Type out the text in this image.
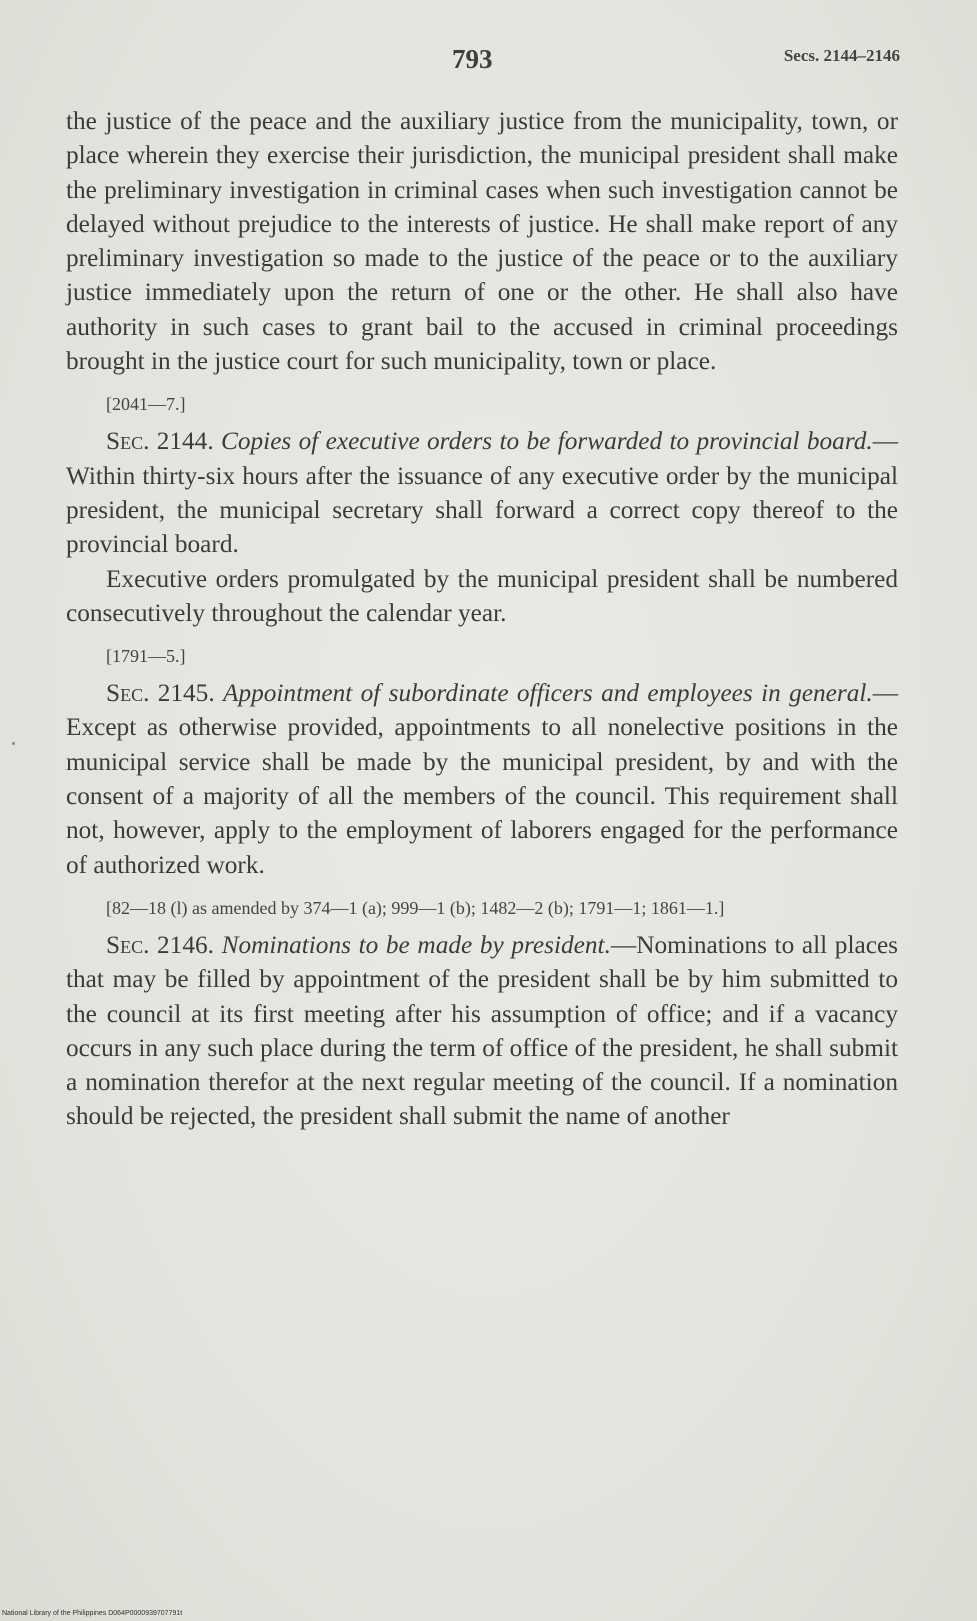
793	Secs. 2144–2146

the justice of the peace and the auxiliary justice from the municipality, town, or place wherein they exercise their jurisdiction, the municipal president shall make the preliminary investigation in criminal cases when such investigation cannot be delayed without prejudice to the interests of justice. He shall make report of any preliminary investigation so made to the justice of the peace or to the auxiliary justice immediately upon the return of one or the other. He shall also have authority in such cases to grant bail to the accused in criminal proceedings brought in the justice court for such municipality, town or place.

[2041—7.]

Sec. 2144. Copies of executive orders to be forwarded to provincial board.—Within thirty-six hours after the issuance of any executive order by the municipal president, the municipal secretary shall forward a correct copy thereof to the provincial board.

Executive orders promulgated by the municipal president shall be numbered consecutively throughout the calendar year.

[1791—5.]

Sec. 2145. Appointment of subordinate officers and employees in general.—Except as otherwise provided, appointments to all nonelective positions in the municipal service shall be made by the municipal president, by and with the consent of a majority of all the members of the council. This requirement shall not, however, apply to the employment of laborers engaged for the performance of authorized work.

[82—18 (l) as amended by 374—1 (a); 999—1 (b); 1482—2 (b); 1791—1; 1861—1.]

Sec. 2146. Nominations to be made by president.—Nominations to all places that may be filled by appointment of the president shall be by him submitted to the council at its first meeting after his assumption of office; and if a vacancy occurs in any such place during the term of office of the president, he shall submit a nomination therefor at the next regular meeting of the council. If a nomination should be rejected, the president shall submit the name of another

National Library of the Philippines D064P0000939707791t
